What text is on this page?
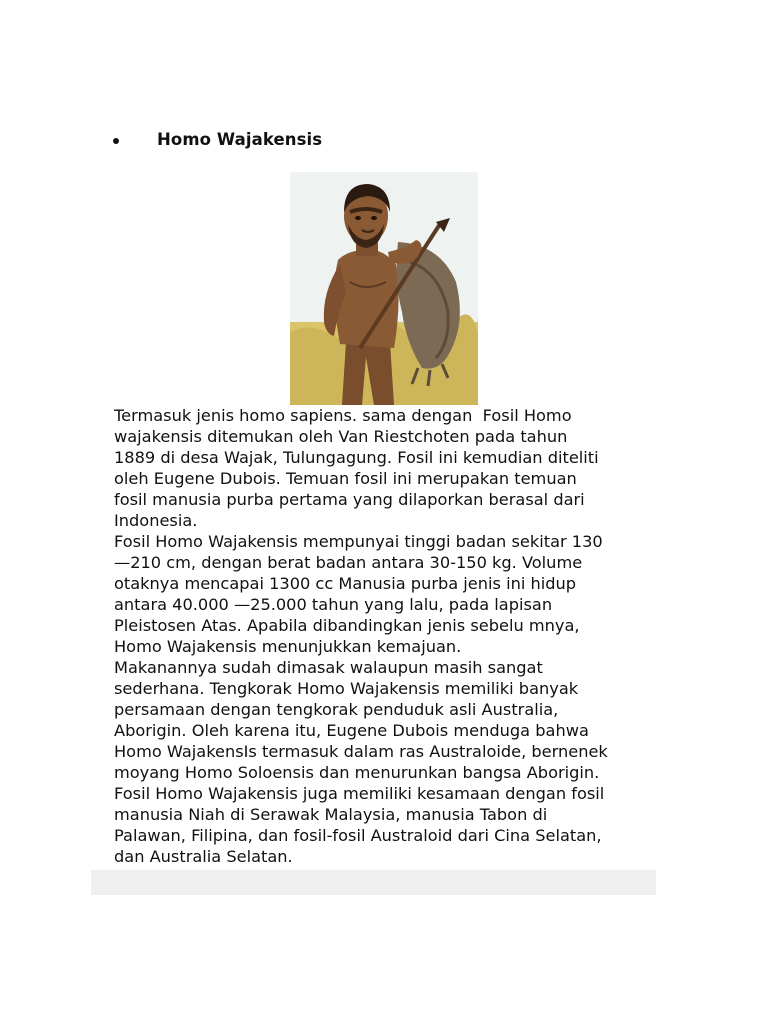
Homo Wajakensis
Termasuk jenis homo sapiens. sama dengan  Fosil Homo
wajakensis ditemukan oleh Van Riestchoten pada tahun
1889 di desa Wajak, Tulungagung. Fosil ini kemudian diteliti
oleh Eugene Dubois. Temuan fosil ini merupakan temuan
fosil manusia purba pertama yang dilaporkan berasal dari
Indonesia.
Fosil Homo Wajakensis mempunyai tinggi badan sekitar 130
—210 cm, dengan berat badan antara 30-150 kg. Volume
otaknya mencapai 1300 cc Manusia purba jenis ini hidup
antara 40.000 —25.000 tahun yang lalu, pada lapisan
Pleistosen Atas. Apabila dibandingkan jenis sebelu mnya,
Homo Wajakensis menunjukkan kemajuan.
Makanannya sudah dimasak walaupun masih sangat
sederhana. Tengkorak Homo Wajakensis memiliki banyak
persamaan dengan tengkorak penduduk asli Australia,
Aborigin. Oleh karena itu, Eugene Dubois menduga bahwa
Homo WajakensIs termasuk dalam ras Australoide, bernenek
moyang Homo Soloensis dan menurunkan bangsa Aborigin.
Fosil Homo Wajakensis juga memiliki kesamaan dengan fosil
manusia Niah di Serawak Malaysia, manusia Tabon di
Palawan, Filipina, dan fosil-fosil Australoid dari Cina Selatan,
dan Australia Selatan.
